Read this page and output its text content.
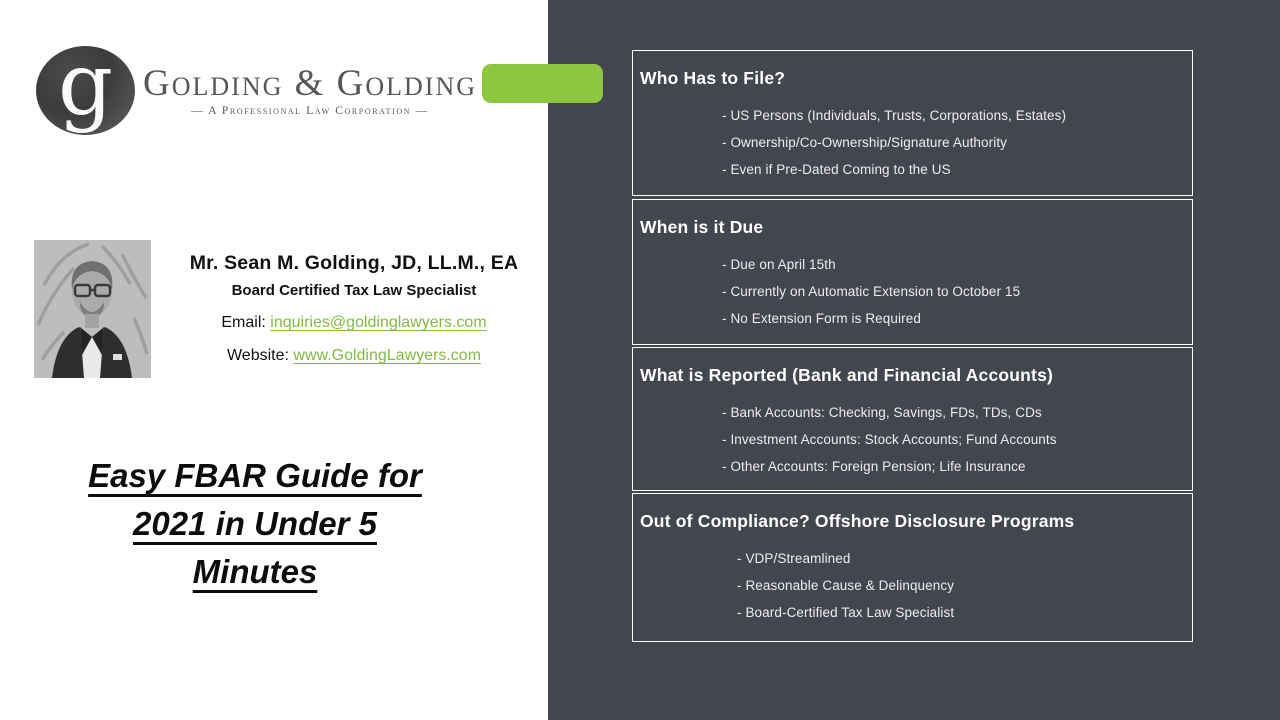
g Golding & Golding
— A Professional Law Corporation —
Mr. Sean M. Golding, JD, LL.M., EA
Board Certified Tax Law Specialist
Email: inquiries@goldinglawyers.com
Website: www.GoldingLawyers.com
Easy FBAR Guide for
2021 in Under 5
Minutes
Who Has to File?
- US Persons (Individuals, Trusts, Corporations, Estates)
- Ownership/Co-Ownership/Signature Authority
- Even if Pre-Dated Coming to the US
When is it Due
- Due on April 15th
- Currently on Automatic Extension to October 15
- No Extension Form is Required
What is Reported (Bank and Financial Accounts)
- Bank Accounts: Checking, Savings, FDs, TDs, CDs
- Investment Accounts: Stock Accounts; Fund Accounts
- Other Accounts: Foreign Pension; Life Insurance
Out of Compliance? Offshore Disclosure Programs
- VDP/Streamlined
- Reasonable Cause & Delinquency
- Board-Certified Tax Law Specialist
